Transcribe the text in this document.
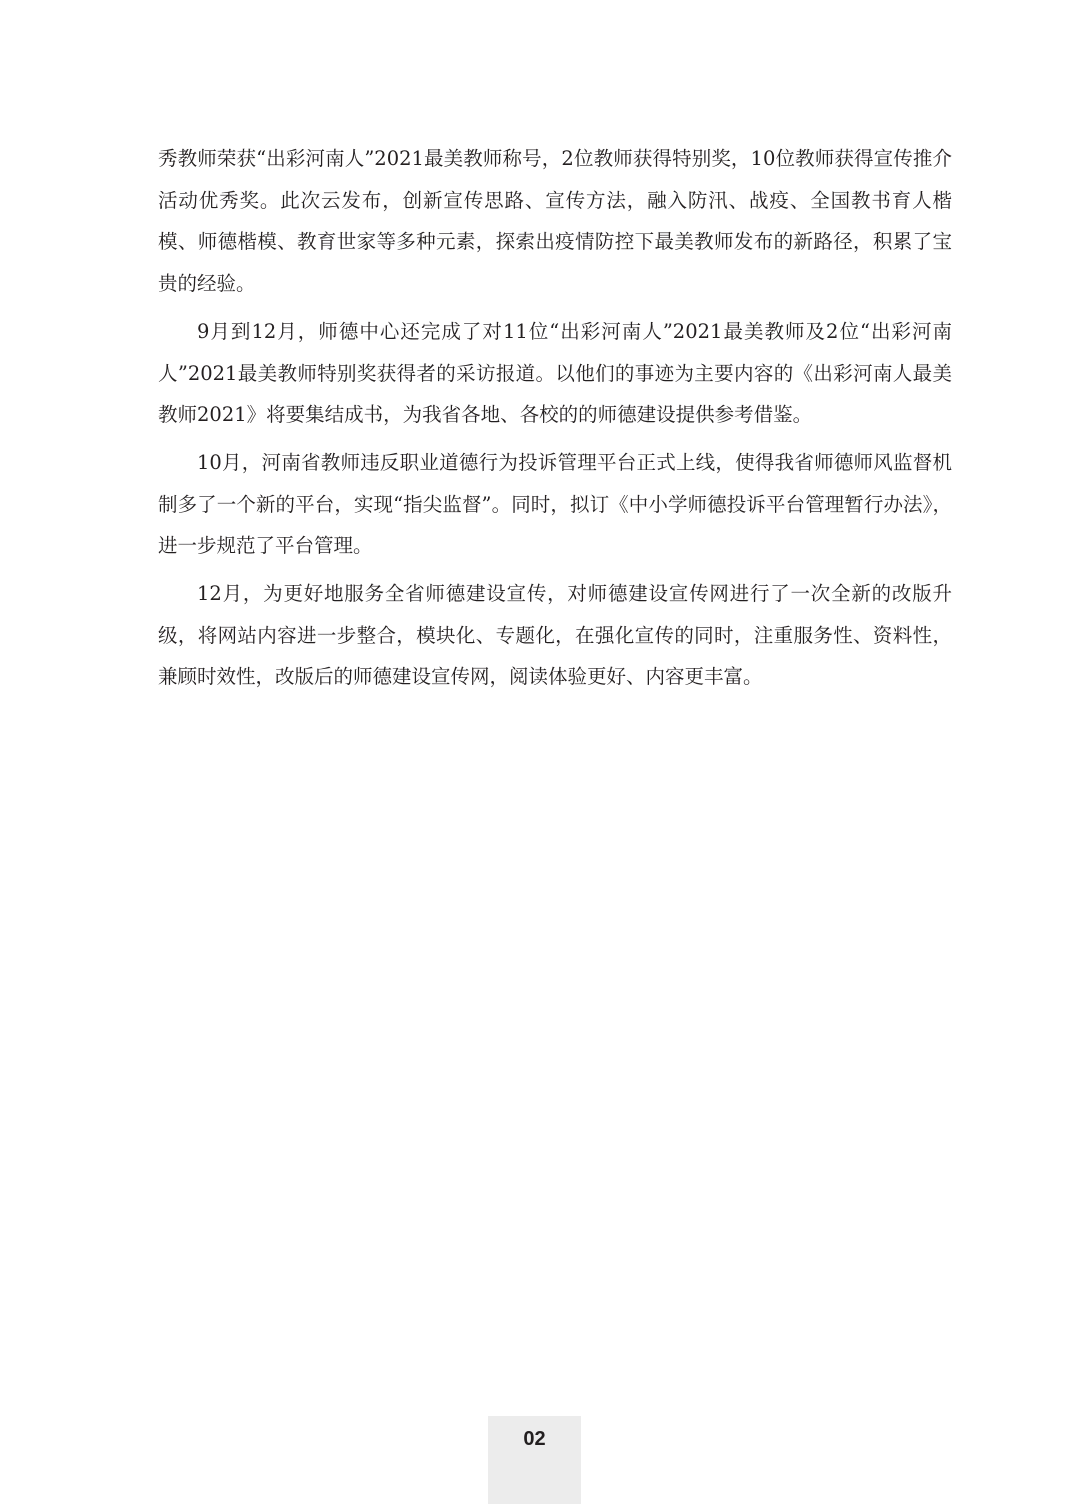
秀教师荣获“出彩河南人”2021最美教师称号，2位教师获得特别奖，10位教师获得宣传推介活动优秀奖。此次云发布，创新宣传思路、宣传方法，融入防汛、战疫、全国教书育人楷模、师德楷模、教育世家等多种元素，探索出疫情防控下最美教师发布的新路径，积累了宝贵的经验。

9月到12月，师德中心还完成了对11位“出彩河南人”2021最美教师及2位“出彩河南人”2021最美教师特别奖获得者的采访报道。以他们的事迹为主要内容的《出彩河南人最美教师2021》将要集结成书，为我省各地、各校的的师德建设提供参考借鉴。

10月，河南省教师违反职业道德行为投诉管理平台正式上线，使得我省师德师风监督机制多了一个新的平台，实现“指尖监督”。同时，拟订《中小学师德投诉平台管理暂行办法》，进一步规范了平台管理。

12月，为更好地服务全省师德建设宣传，对师德建设宣传网进行了一次全新的改版升级，将网站内容进一步整合，模块化、专题化，在强化宣传的同时，注重服务性、资料性，兼顾时效性，改版后的师德建设宣传网，阅读体验更好、内容更丰富。

02
